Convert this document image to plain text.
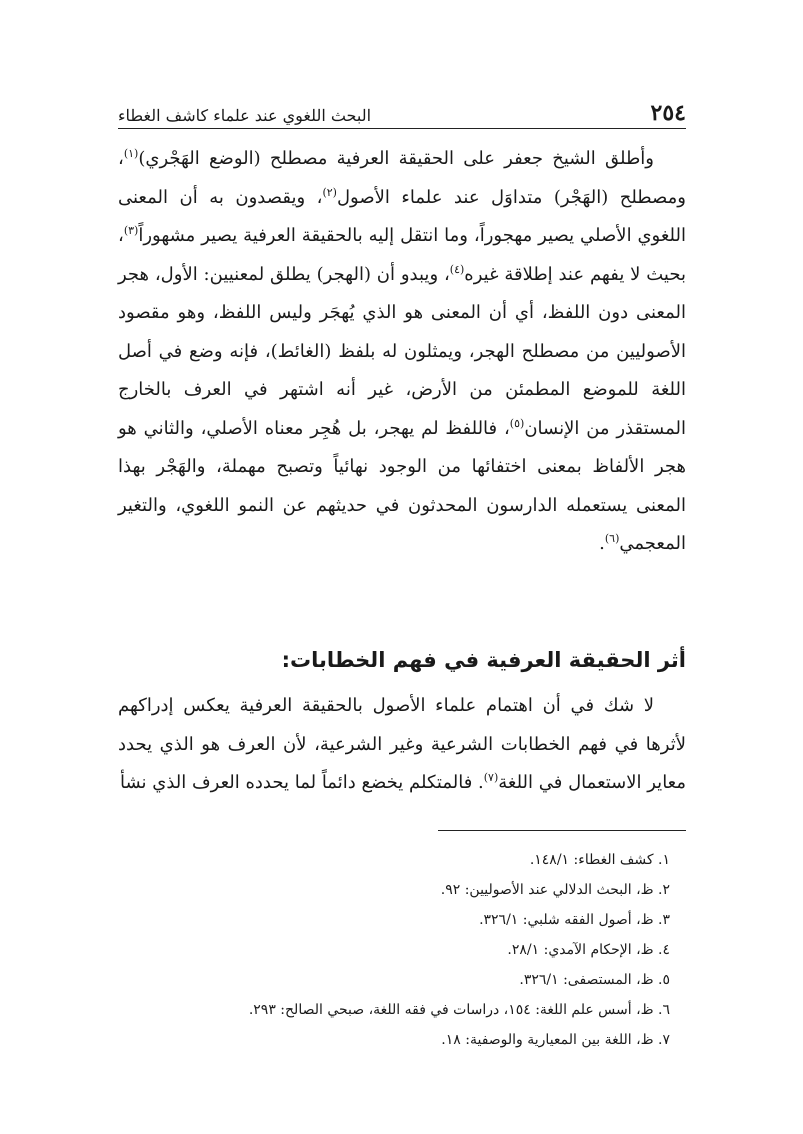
٢٥٤
البحث اللغوي عند علماء كاشف الغطاء

وأطلق الشيخ جعفر على الحقيقة العرفية مصطلح (الوضع الهَجْري)$^{(١)}$، ومصطلح (الهَجْر) متداوَل عند علماء الأصول$^{(٢)}$، ويقصدون به أن المعنى اللغوي الأصلي يصير مهجوراً، وما انتقل إليه بالحقيقة العرفية يصير مشهوراً$^{(٣)}$، بحيث لا يفهم عند إطلاقة غيره$^{(٤)}$، ويبدو أن (الهجر) يطلق لمعنيين: الأول، هجر المعنى دون اللفظ، أي أن المعنى هو الذي يُهجَر وليس اللفظ، وهو مقصود الأصوليين من مصطلح الهجر، ويمثلون له بلفظ (الغائط)، فإنه وضع في أصل اللغة للموضع المطمئن من الأرض، غير أنه اشتهر في العرف بالخارج المستقذر من الإنسان$^{(٥)}$، فاللفظ لم يهجر، بل هُجِر معناه الأصلي، والثاني هو هجر الألفاظ بمعنى اختفائها من الوجود نهائياً وتصبح مهملة، والهَجْر بهذا المعنى يستعمله الدارسون المحدثون في حديثهم عن النمو اللغوي، والتغير المعجمي$^{(٦)}$.

أثر الحقيقة العرفية في فهم الخطابات:

لا شك في أن اهتمام علماء الأصول بالحقيقة العرفية يعكس إدراكهم لأثرها في فهم الخطابات الشرعية وغير الشرعية، لأن العرف هو الذي يحدد معاير الاستعمال في اللغة$^{(٧)}$. فالمتكلم يخضع دائماً لما يحدده العرف الذي نشأ

١. كشف الغطاء: ١٤٨/١.
٢. ظ، البحث الدلالي عند الأصوليين: ٩٢.
٣. ظ، أصول الفقه شلبي: ٣٢٦/١.
٤. ظ، الإحكام الآمدي: ٢٨/١.
٥. ظ، المستصفى: ٣٢٦/١.
٦. ظ، أسس علم اللغة: ١٥٤، دراسات في فقه اللغة، صبحي الصالح: ٢٩٣.
٧. ظ، اللغة بين المعيارية والوصفية: ١٨.
